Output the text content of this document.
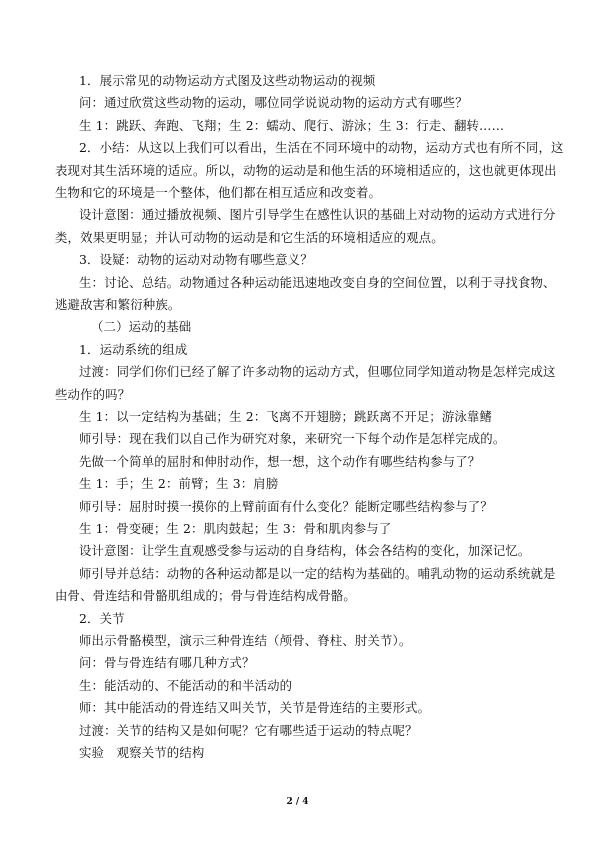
1．展示常见的动物运动方式图及这些动物运动的视频
问：通过欣赏这些动物的运动，哪位同学说说动物的运动方式有哪些？
生 1：跳跃、奔跑、飞翔；生 2：蠕动、爬行、游泳；生 3：行走、翻转……
2．小结：从这以上我们可以看出，生活在不同环境中的动物，运动方式也有所不同，这
表现对其生活环境的适应。所以，动物的运动是和他生活的环境相适应的，这也就更体现出
生物和它的环境是一个整体，他们都在相互适应和改变着。
设计意图：通过播放视频、图片引导学生在感性认识的基础上对动物的运动方式进行分
类，效果更明显；并认可动物的运动是和它生活的环境相适应的观点。
3．设疑：动物的运动对动物有哪些意义？
生：讨论、总结。动物通过各种运动能迅速地改变自身的空间位置，以利于寻找食物、
逃避敌害和繁衍种族。
（二）运动的基础
1．运动系统的组成
过渡：同学们你们已经了解了许多动物的运动方式，但哪位同学知道动物是怎样完成这
些动作的吗？
生 1：以一定结构为基础；生 2：飞离不开翅膀；跳跃离不开足；游泳靠鳍
师引导：现在我们以自己作为研究对象，来研究一下每个动作是怎样完成的。
先做一个简单的屈肘和伸肘动作，想一想，这个动作有哪些结构参与了？
生 1：手；生 2：前臂；生 3：肩膀
师引导：屈肘时摸一摸你的上臂前面有什么变化？能断定哪些结构参与了？
生 1：骨变硬；生 2：肌肉鼓起；生 3：骨和肌肉参与了
设计意图：让学生直观感受参与运动的自身结构，体会各结构的变化，加深记忆。
师引导并总结：动物的各种运动都是以一定的结构为基础的。哺乳动物的运动系统就是
由骨、骨连结和骨骼肌组成的；骨与骨连结构成骨骼。
2．关节
师出示骨骼模型，演示三种骨连结（颅骨、脊柱、肘关节）。
问：骨与骨连结有哪几种方式？
生：能活动的、不能活动的和半活动的
师：其中能活动的骨连结又叫关节，关节是骨连结的主要形式。
过渡：关节的结构又是如何呢？它有哪些适于运动的特点呢？
实验　观察关节的结构
2 / 4
